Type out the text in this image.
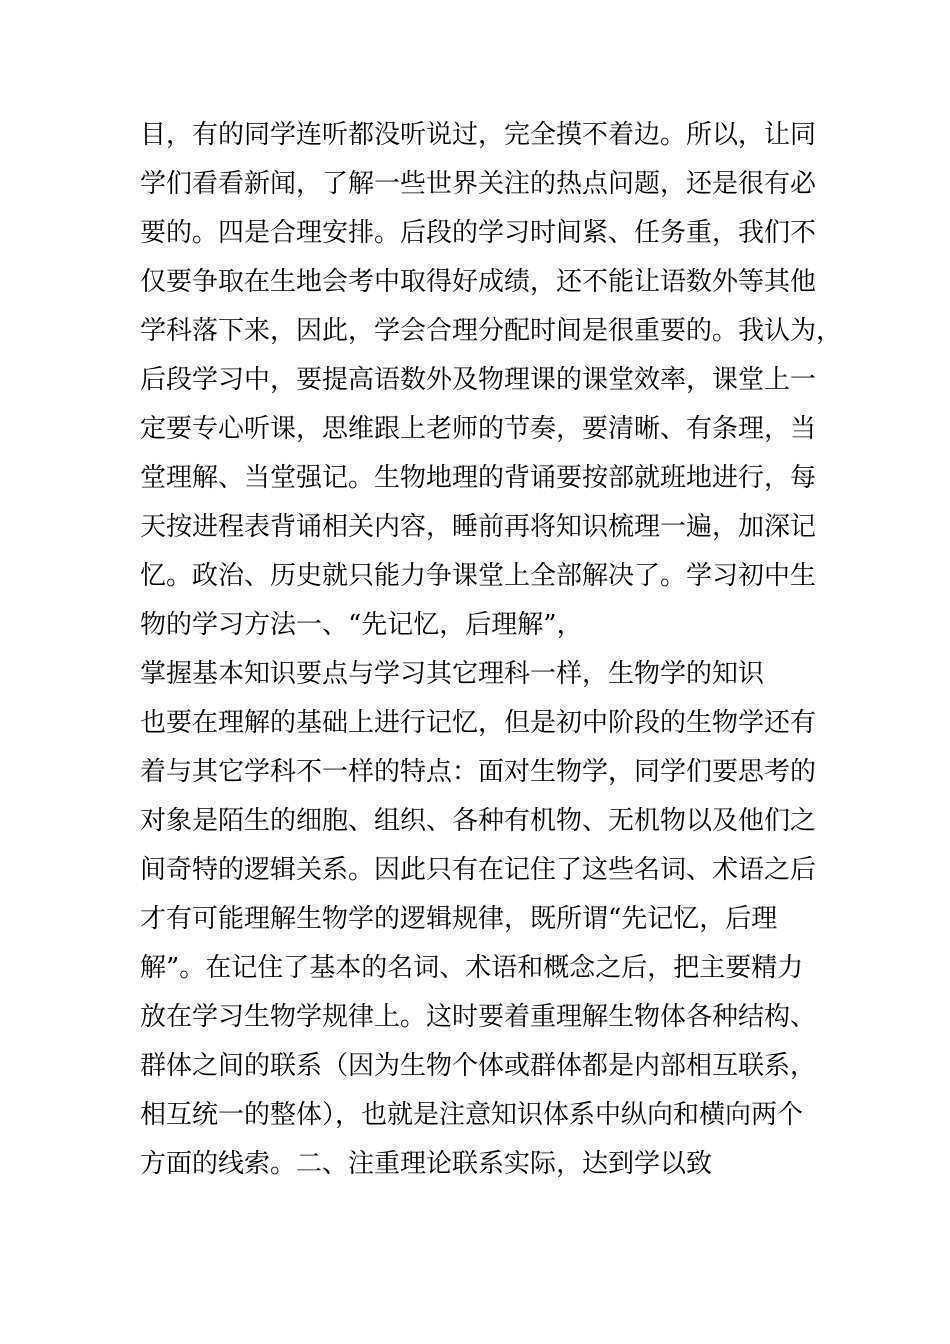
目，有的同学连听都没听说过，完全摸不着边。所以，让同
学们看看新闻，了解一些世界关注的热点问题，还是很有必
要的。四是合理安排。后段的学习时间紧、任务重，我们不
仅要争取在生地会考中取得好成绩，还不能让语数外等其他
学科落下来，因此，学会合理分配时间是很重要的。我认为，
后段学习中，要提高语数外及物理课的课堂效率，课堂上一
定要专心听课，思维跟上老师的节奏，要清晰、有条理，当
堂理解、当堂强记。生物地理的背诵要按部就班地进行，每
天按进程表背诵相关内容，睡前再将知识梳理一遍，加深记
忆。政治、历史就只能力争课堂上全部解决了。学习初中生
物的学习方法一、“先记忆，后理解”，
掌握基本知识要点与学习其它理科一样，生物学的知识
也要在理解的基础上进行记忆，但是初中阶段的生物学还有
着与其它学科不一样的特点：面对生物学，同学们要思考的
对象是陌生的细胞、组织、各种有机物、无机物以及他们之
间奇特的逻辑关系。因此只有在记住了这些名词、术语之后
才有可能理解生物学的逻辑规律，既所谓“先记忆，后理
解”。在记住了基本的名词、术语和概念之后，把主要精力
放在学习生物学规律上。这时要着重理解生物体各种结构、
群体之间的联系（因为生物个体或群体都是内部相互联系，
相互统一的整体），也就是注意知识体系中纵向和横向两个
方面的线索。二、注重理论联系实际，达到学以致
